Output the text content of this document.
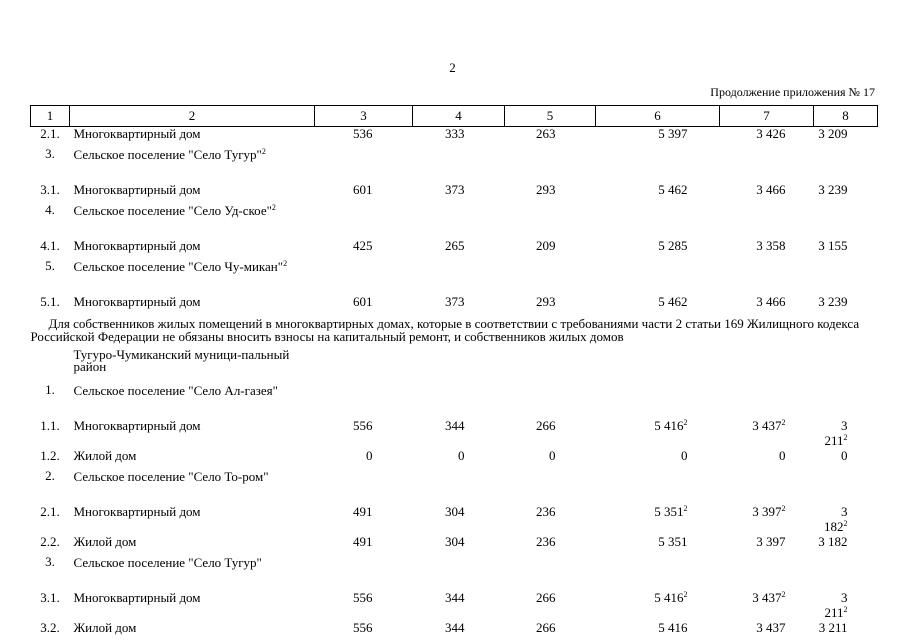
2
Продолжение приложения № 17
1	2	3	4	5	6	7	8
2.1.	Многоквартирный дом	536	333	263	5 397	3 426	3 209
3.	Сельское поселение "Село Тугур"$^2$						
3.1.	Многоквартирный дом	601	373	293	5 462	3 466	3 239
4.	Сельское поселение "Село Уд-ское"$^2$						
4.1.	Многоквартирный дом	425	265	209	5 285	3 358	3 155
5.	Сельское поселение "Село Чу-микан"$^2$						
5.1.	Многоквартирный дом	601	373	293	5 462	3 466	3 239
Для собственников жилых помещений в многоквартирных домах, которые в соответствии с требованиями части 2 статьи 169 Жилищного кодекса Российской Федерации не обязаны вносить взносы на капитальный ремонт, и собственников жилых домов							
	Тугуро-Чумиканский муници-пальный район						
1.	Сельское поселение "Село Ал-газея"						
1.1.	Многоквартирный дом	556	344	266	5 $416^2$	3 $437^2$	3 $211^2$
1.2.	Жилой дом	0	0	0	0	0	0
2.	Сельское поселение "Село То-ром"						
2.1.	Многоквартирный дом	491	304	236	5 $351^2$	3 $397^2$	3 $182^2$
2.2.	Жилой дом	491	304	236	5 351	3 397	3 182
3.	Сельское поселение "Село Тугур"						
3.1.	Многоквартирный дом	556	344	266	5 $416^2$	3 $437^2$	3 $211^2$
3.2.	Жилой дом	556	344	266	5 416	3 437	3 211
